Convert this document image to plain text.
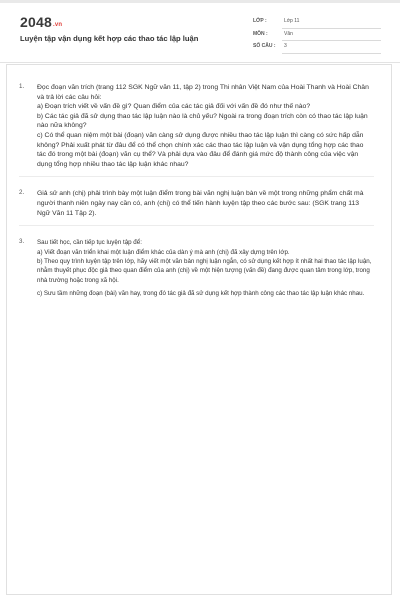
2048.vn
Luyện tập vận dụng kết hợp các thao tác lập luận
LỚP :	Lớp 11
MÔN :	Văn
SỐ CÂU : 3
1. Đọc đoạn văn trích (trang 112 SGK Ngữ văn 11, tập 2) trong Thi nhân Việt Nam của Hoài Thanh và Hoài Chân và trả lời các câu hỏi:
a) Đoạn trích viết về vấn đề gì? Quan điểm của các tác giả đối với vấn đề đó như thế nào?
b) Các tác giả đã sử dụng thao tác lập luận nào là chủ yếu? Ngoài ra trong đoạn trích còn có thao tác lập luận nào nữa không?
c) Có thể quan niệm một bài (đoạn) văn càng sử dụng được nhiều thao tác lập luận thì càng có sức hấp dẫn không? Phải xuất phát từ đâu để có thể chọn chính xác các thao tác lập luận và vận dụng tổng hợp các thao tác đó trong một bài (đoạn) văn cụ thể? Và phải dựa vào đâu để đánh giá mức độ thành công của việc vận dụng tổng hợp nhiều thao tác lập luận khác nhau?
2. Giả sử anh (chị) phải trình bày một luận điểm trong bài văn nghị luận bàn về một trong những phẩm chất mà người thanh niên ngày nay cần có, anh (chị) có thể tiến hành luyện tập theo các bước sau: (SGK trang 113 Ngữ Văn 11 Tập 2).
3. Sau tiết học, cần tiếp tục luyện tập để:
a) Viết đoạn văn triển khai một luận điểm khác của dàn ý mà anh (chị) đã xây dựng trên lớp.
b) Theo quy trình luyện tập trên lớp, hãy viết một văn bản nghị luận ngắn, có sử dụng kết hợp ít nhất hai thao tác lập luận, nhằm thuyết phục độc giả theo quan điểm của anh (chị) về một hiện tượng (vấn đề) đang được quan tâm trong lớp, trong nhà trường hoặc trong xã hội.
c) Sưu tầm những đoạn (bài) văn hay, trong đó tác giả đã sử dụng kết hợp thành công các thao tác lập luận khác nhau.
